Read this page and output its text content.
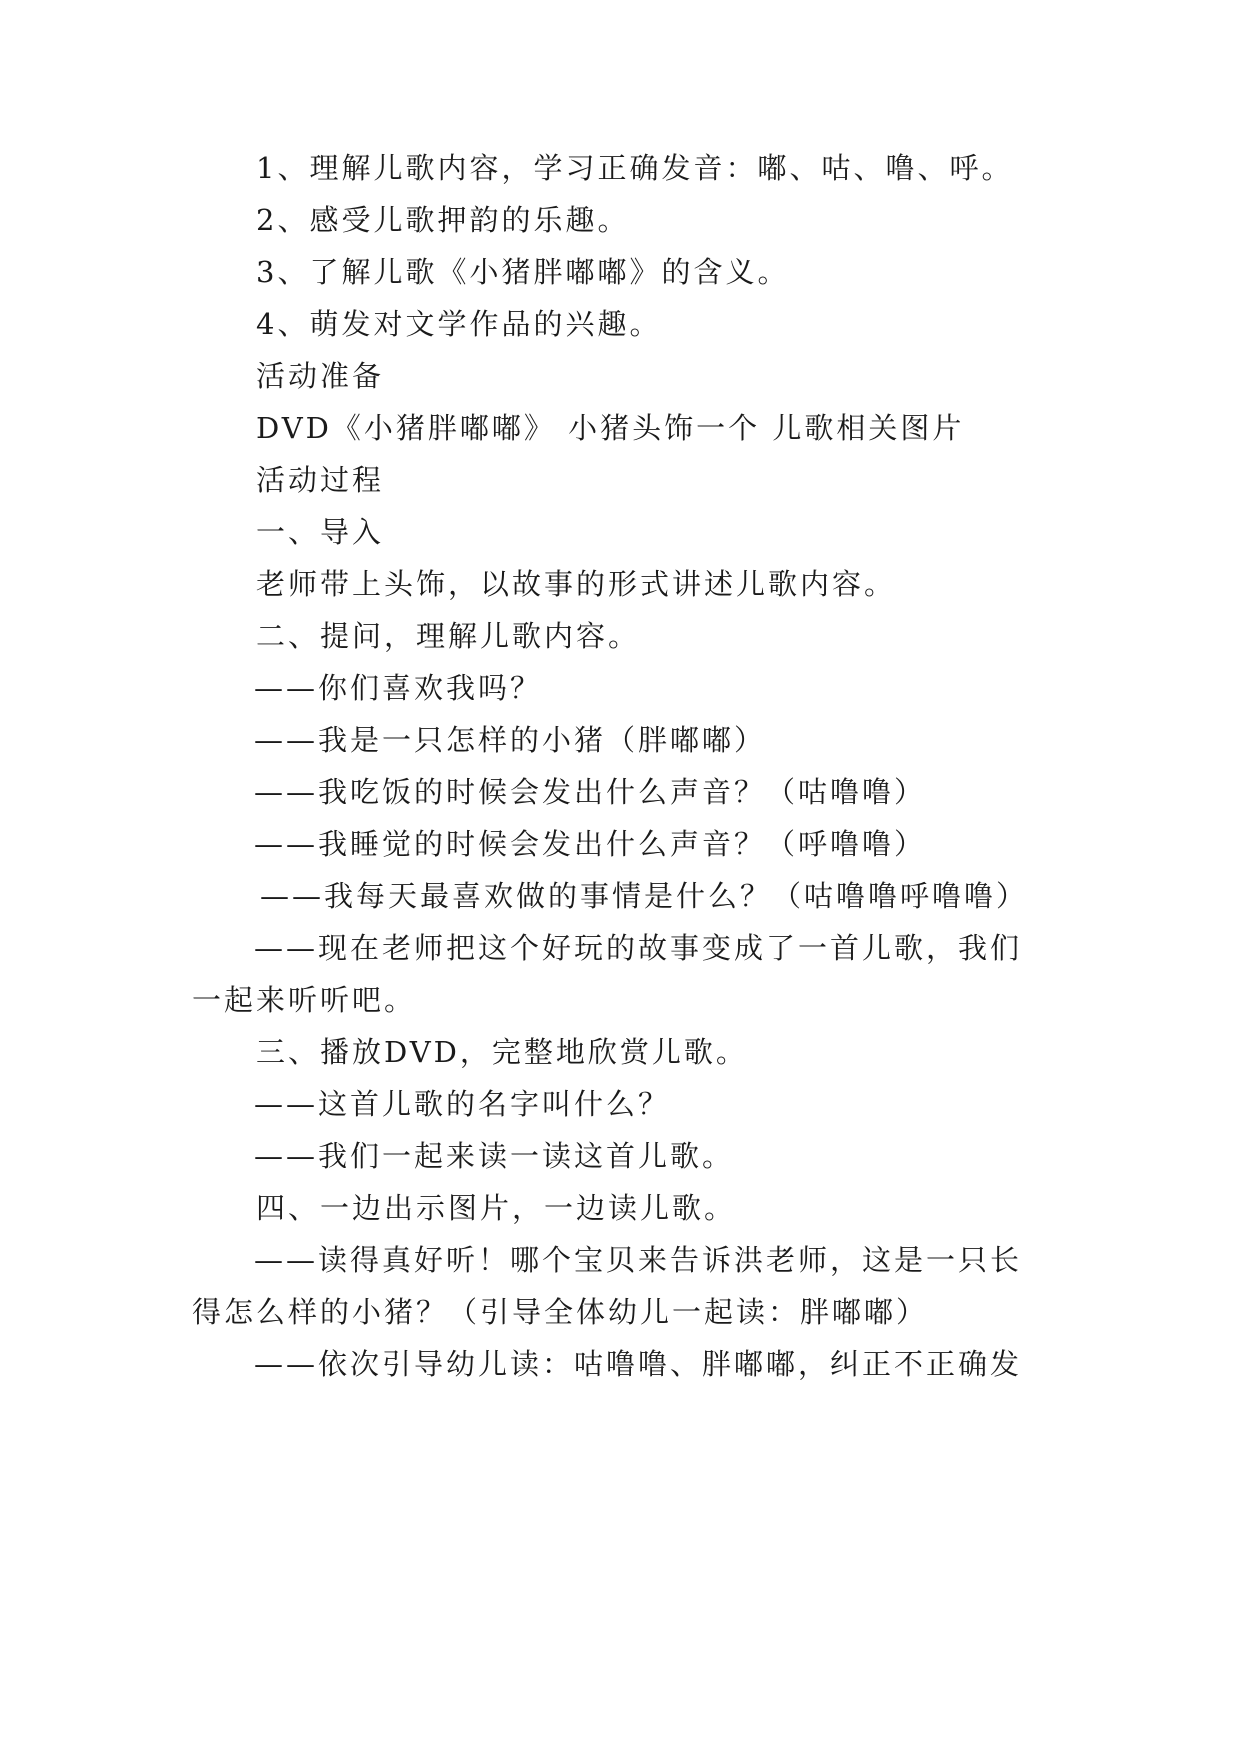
1、理解儿歌内容，学习正确发音：嘟、咕、噜、呼。
2、感受儿歌押韵的乐趣。
3、了解儿歌《小猪胖嘟嘟》的含义。
4、萌发对文学作品的兴趣。
活动准备
DVD《小猪胖嘟嘟》 小猪头饰一个 儿歌相关图片
活动过程
一、导入
老师带上头饰，以故事的形式讲述儿歌内容。
二、提问，理解儿歌内容。
——你们喜欢我吗？
——我是一只怎样的小猪（胖嘟嘟）
——我吃饭的时候会发出什么声音？（咕噜噜）
——我睡觉的时候会发出什么声音？（呼噜噜）
——我每天最喜欢做的事情是什么？（咕噜噜呼噜噜）
——现在老师把这个好玩的故事变成了一首儿歌，我们
一起来听听吧。
三、播放DVD，完整地欣赏儿歌。
——这首儿歌的名字叫什么？
——我们一起来读一读这首儿歌。
四、一边出示图片，一边读儿歌。
——读得真好听！哪个宝贝来告诉洪老师，这是一只长
得怎么样的小猪？（引导全体幼儿一起读：胖嘟嘟）
——依次引导幼儿读：咕噜噜、胖嘟嘟，纠正不正确发
